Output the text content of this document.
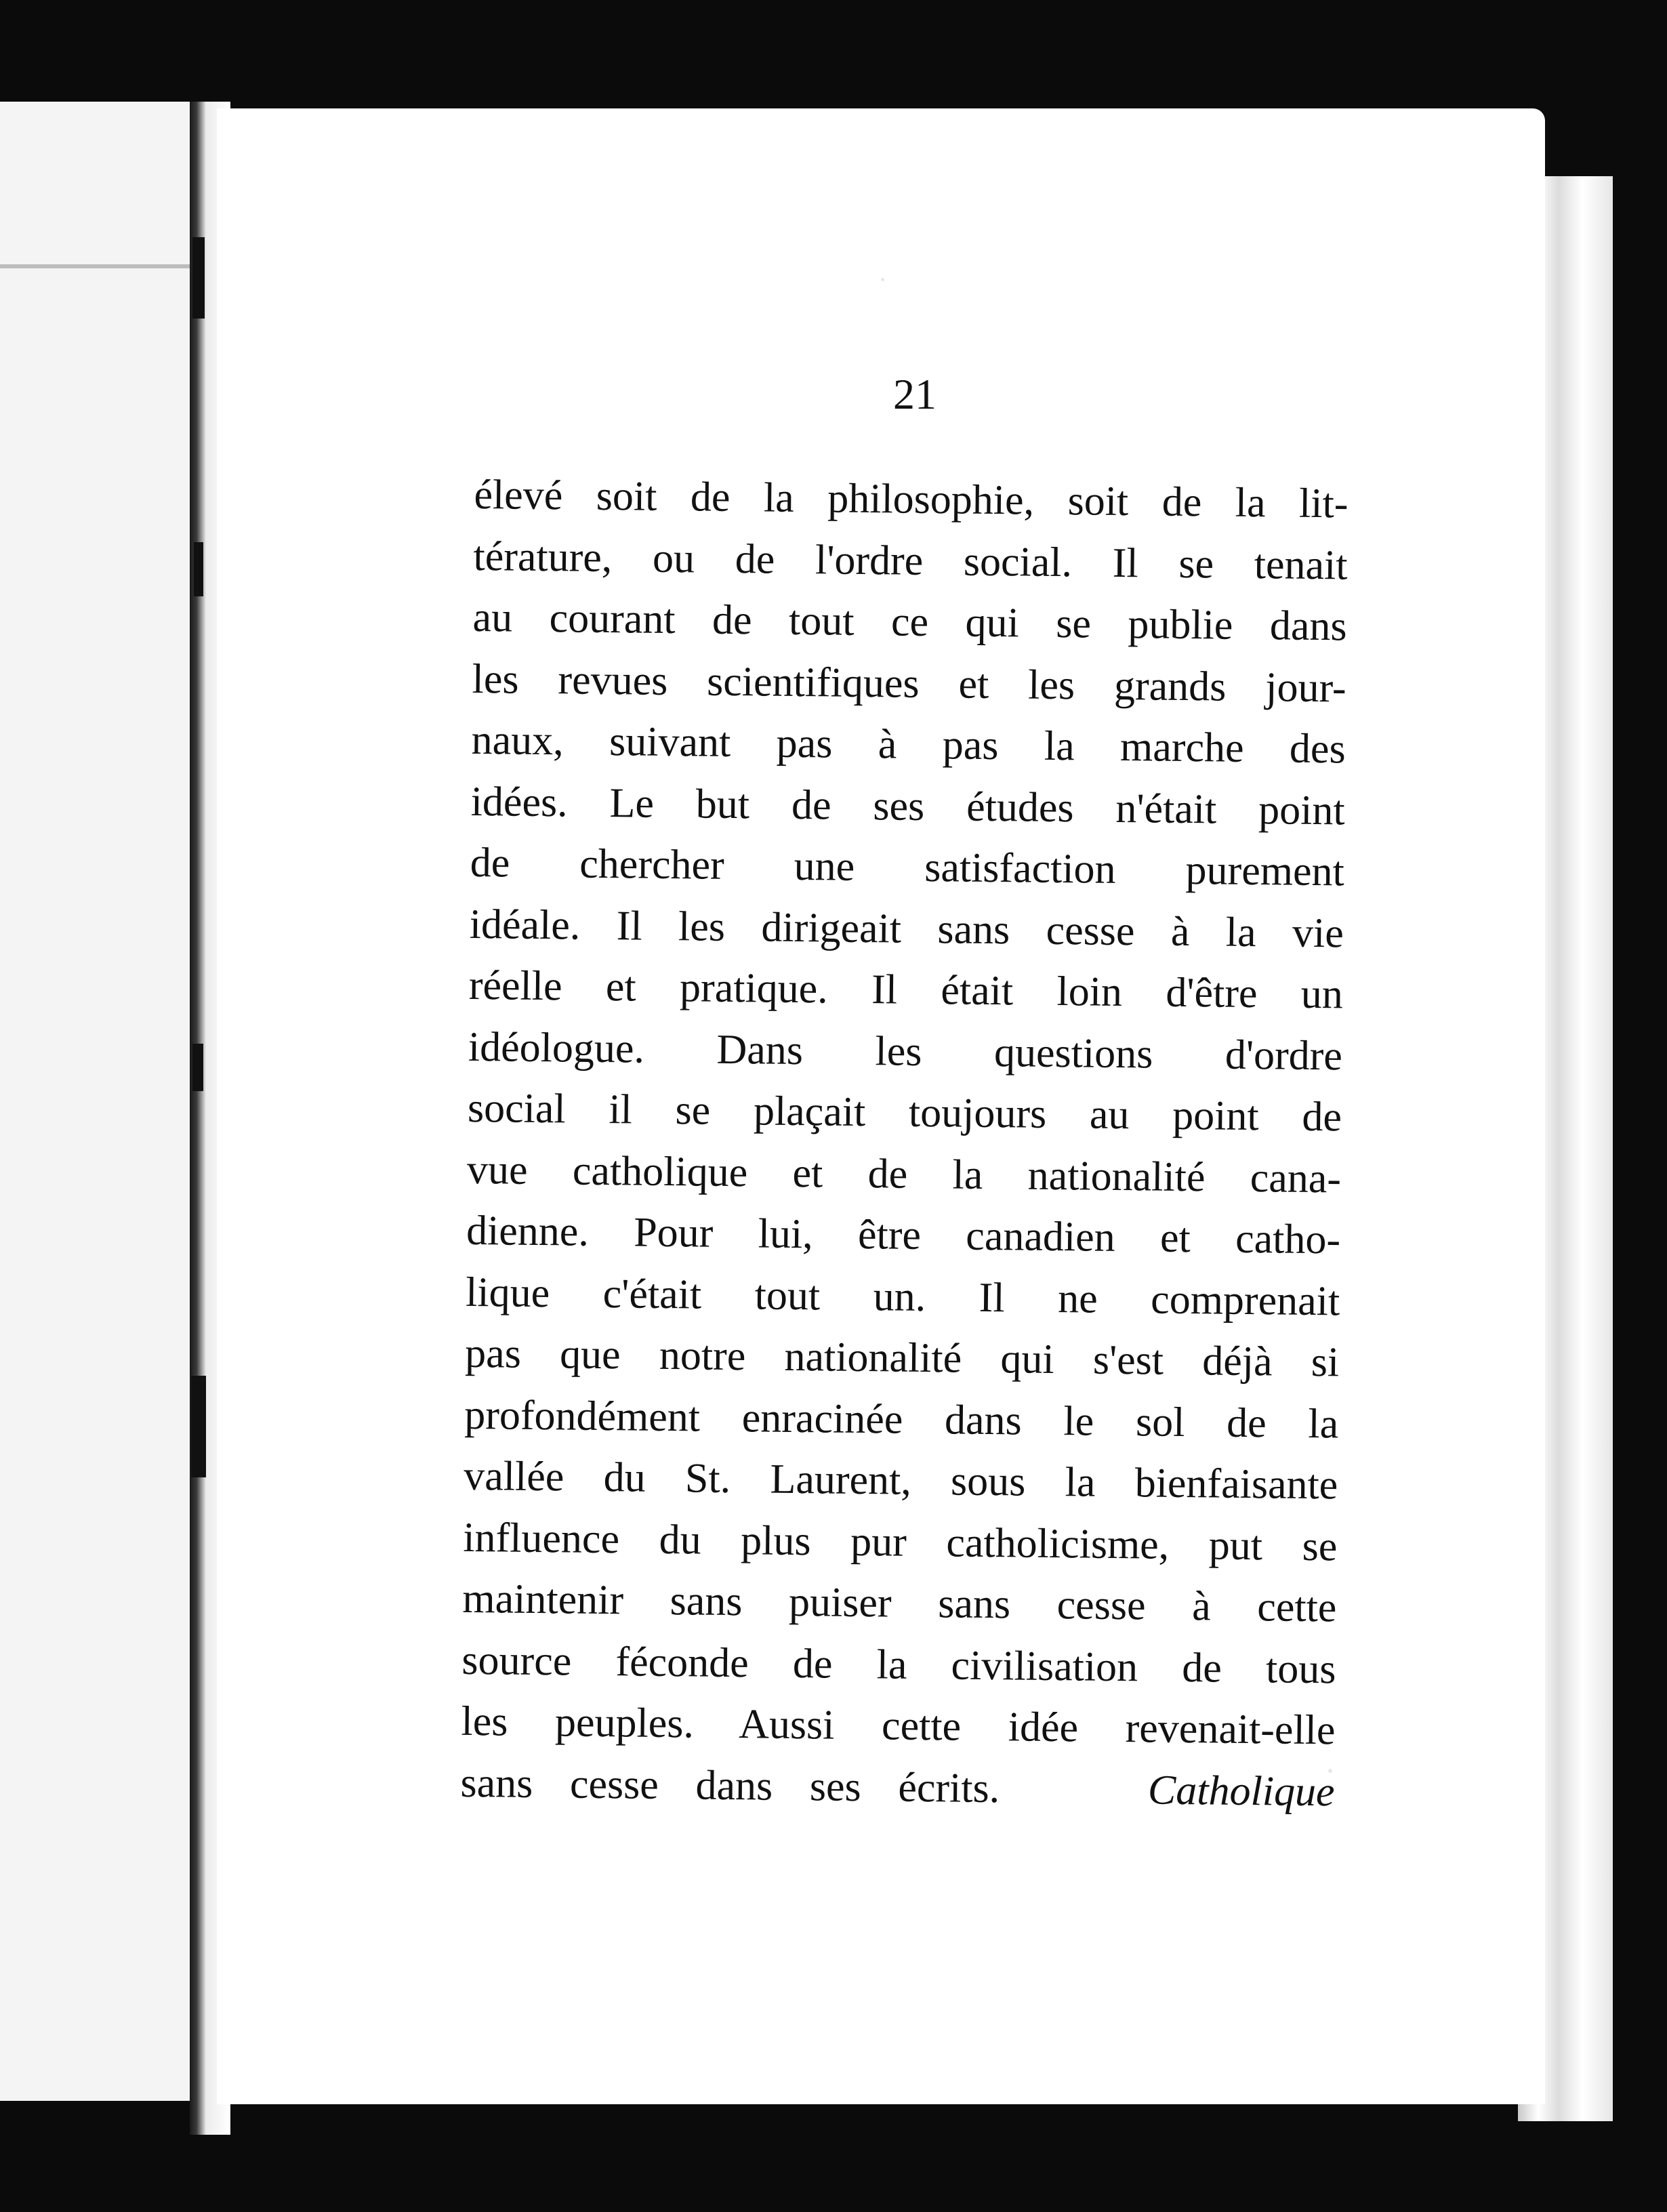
21
élevé soit de la philosophie, soit de la lit-
térature, ou de l'ordre social. Il se tenait
au courant de tout ce qui se publie dans
les revues scientifiques et les grands jour-
naux, suivant pas à pas la marche des
idées. Le but de ses études n'était point
de chercher une satisfaction purement
idéale. Il les dirigeait sans cesse à la vie
réelle et pratique. Il était loin d'être un
idéologue. Dans les questions d'ordre
social il se plaçait toujours au point de
vue catholique et de la nationalité cana-
dienne. Pour lui, être canadien et catho-
lique c'était tout un. Il ne comprenait
pas que notre nationalité qui s'est déjà si
profondément enracinée dans le sol de la
vallée du St. Laurent, sous la bienfaisante
influence du plus pur catholicisme, put se
maintenir sans puiser sans cesse à cette
source féconde de la civilisation de tous
les peuples. Aussi cette idée revenait-elle
sans cesse dans ses écrits.	Catholique
